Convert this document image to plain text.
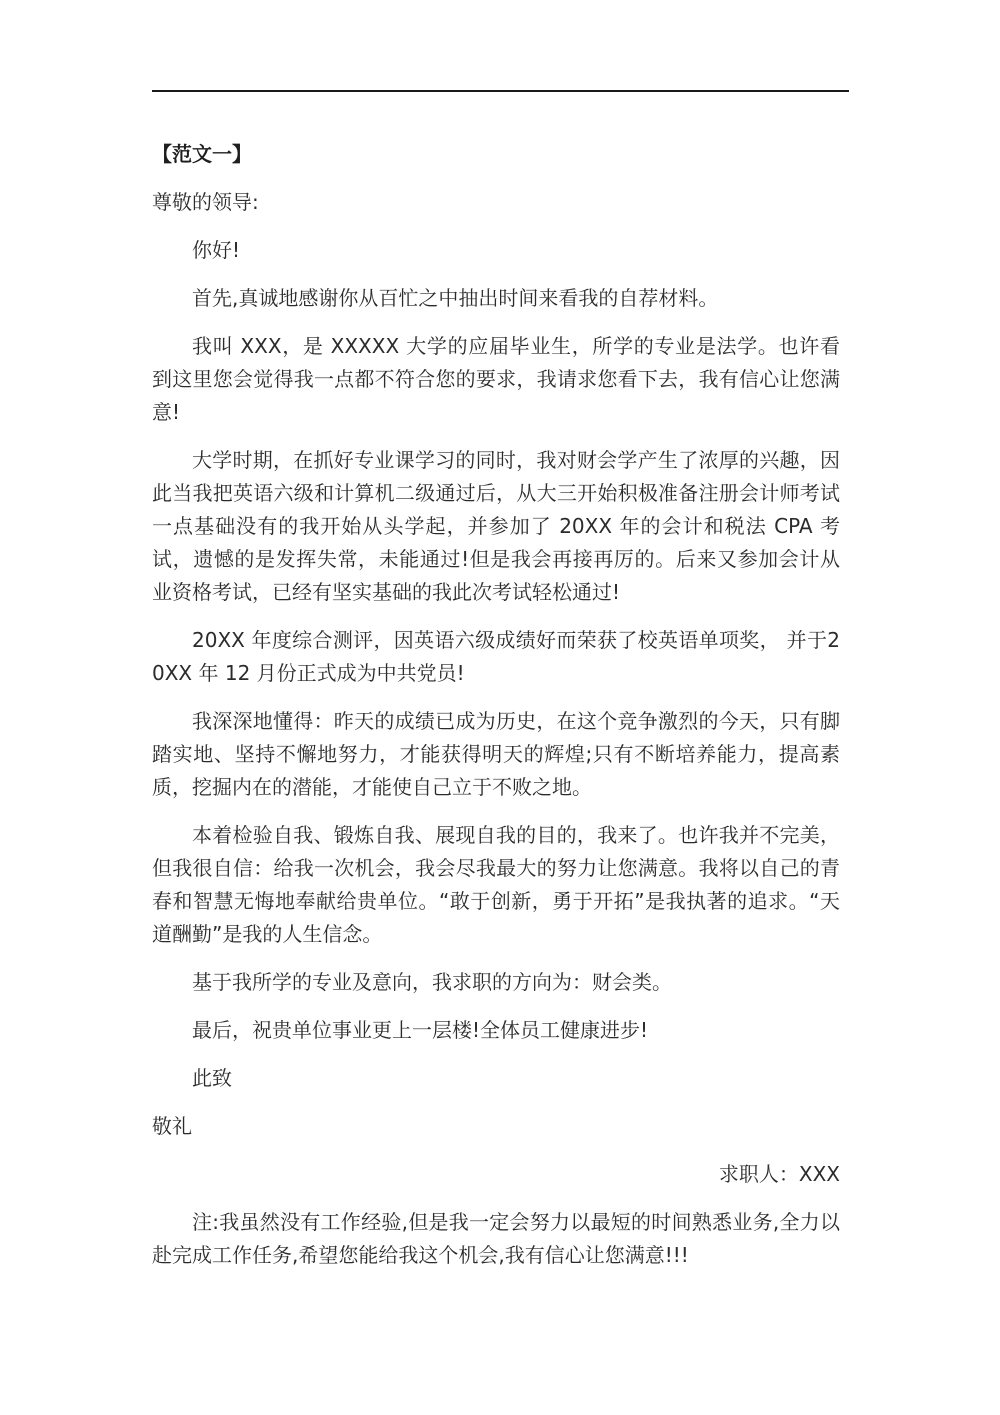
【范文一】
尊敬的领导:
你好!
首先,真诚地感谢你从百忙之中抽出时间来看我的自荐材料。
我叫 XXX，是 XXXXX 大学的应届毕业生，所学的专业是法学。也许看到这里您会觉得我一点都不符合您的要求，我请求您看下去，我有信心让您满意!
大学时期，在抓好专业课学习的同时，我对财会学产生了浓厚的兴趣，因此当我把英语六级和计算机二级通过后，从大三开始积极准备注册会计师考试一点基础没有的我开始从头学起，并参加了 20XX 年的会计和税法 CPA 考试，遗憾的是发挥失常，未能通过!但是我会再接再厉的。后来又参加会计从业资格考试，已经有坚实基础的我此次考试轻松通过!
20XX 年度综合测评，因英语六级成绩好而荣获了校英语单项奖， 并于20XX 年 12 月份正式成为中共党员!
我深深地懂得：昨天的成绩已成为历史，在这个竞争激烈的今天，只有脚踏实地、坚持不懈地努力，才能获得明天的辉煌;只有不断培养能力，提高素质，挖掘内在的潜能，才能使自己立于不败之地。
本着检验自我、锻炼自我、展现自我的目的，我来了。也许我并不完美，但我很自信：给我一次机会，我会尽我最大的努力让您满意。我将以自己的青春和智慧无悔地奉献给贵单位。“敢于创新，勇于开拓”是我执著的追求。“天道酬勤”是我的人生信念。
基于我所学的专业及意向，我求职的方向为：财会类。
最后，祝贵单位事业更上一层楼!全体员工健康进步!
此致
敬礼
求职人：XXX
注:我虽然没有工作经验,但是我一定会努力以最短的时间熟悉业务,全力以赴完成工作任务,希望您能给我这个机会,我有信心让您满意!!!
